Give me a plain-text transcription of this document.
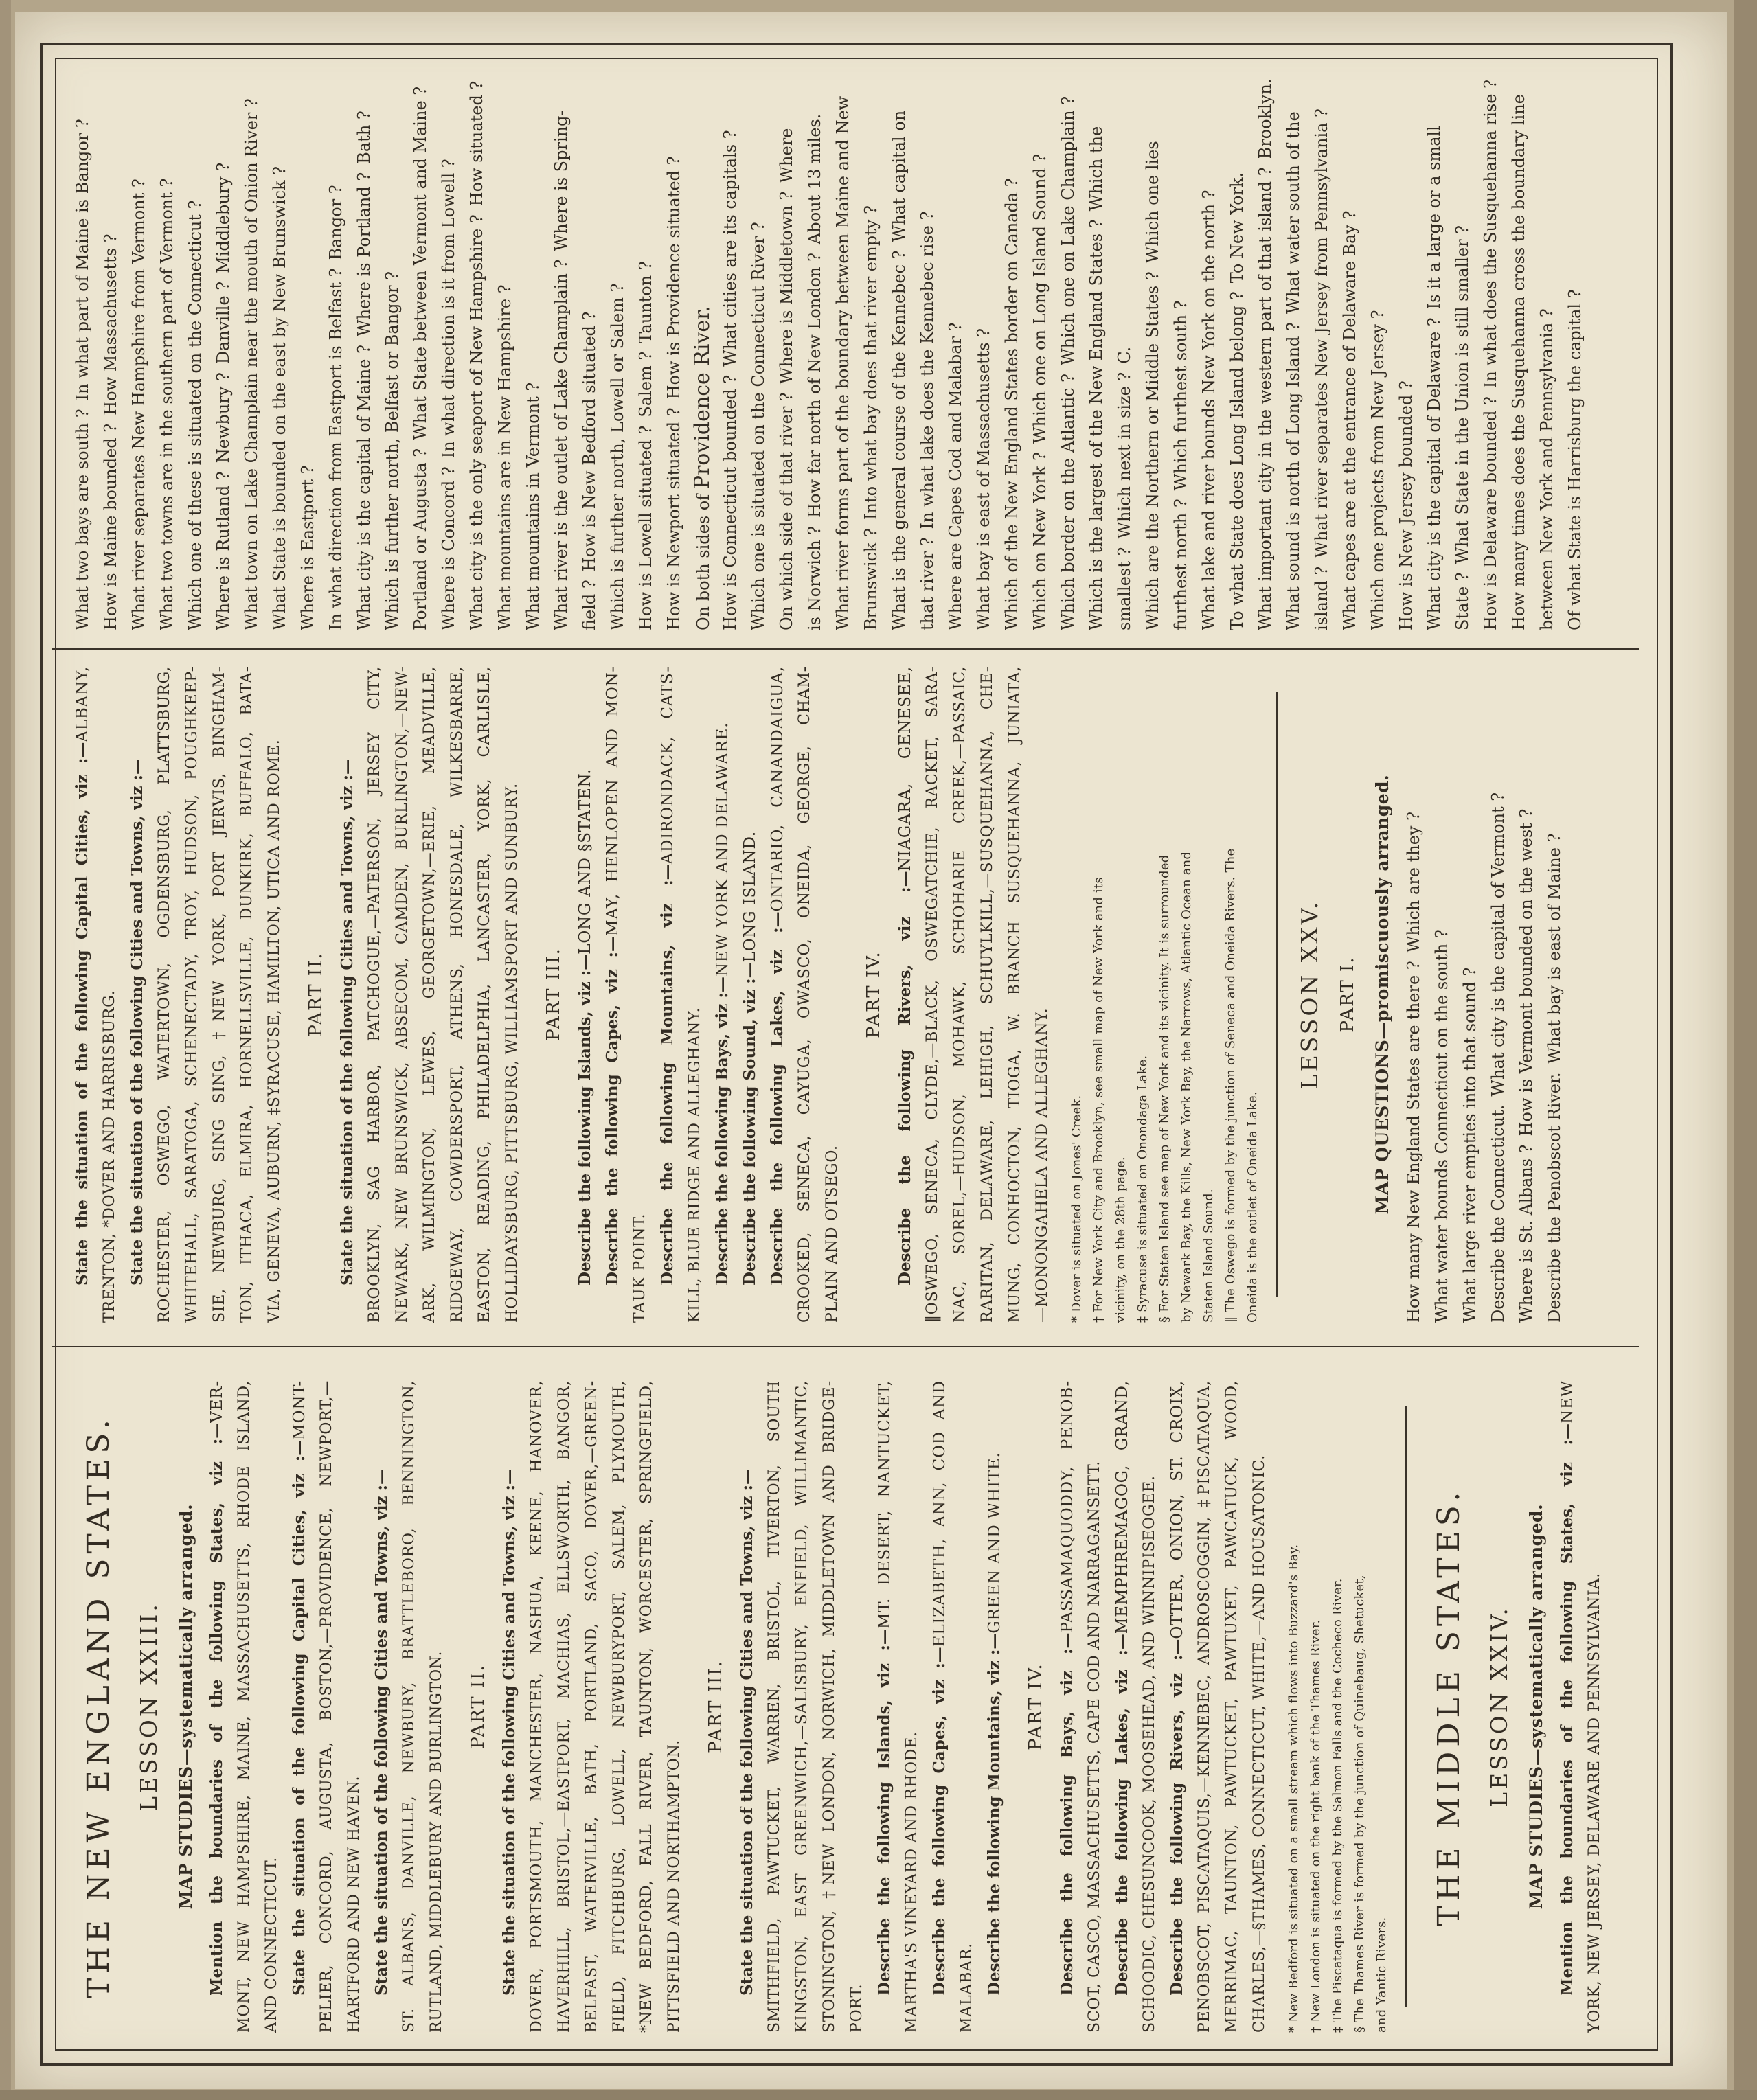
THE NEW ENGLAND STATES. LESSON XXIII. MAP STUDIES—systematically arranged. Mention the boundaries of the following States, viz :—VER- MONT, NEW HAMPSHIRE, MAINE, MASSACHUSETTS, RHODE ISLAND, AND CONNECTICUT. State the situation of the following Capital Cities, viz :—MONT- PELIER, CONCORD, AUGUSTA, BOSTON,—PROVIDENCE, NEWPORT,— HARTFORD AND NEW HAVEN. State the situation of the following Cities and Towns, viz :— ST. ALBANS, DANVILLE, NEWBURY, BRATTLEBORO, BENNINGTON, RUTLAND, MIDDLEBURY AND BURLINGTON.	PART II. State the situation of the following Cities and Towns, viz :— DOVER, PORTSMOUTH, MANCHESTER, NASHUA, KEENE, HANOVER, HAVERHILL, BRISTOL,—EASTPORT, MACHIAS, ELLSWORTH, BANGOR, BELFAST, WATERVILLE, BATH, PORTLAND, SACO, DOVER,—GREEN- FIELD, FITCHBURG, LOWELL, NEWBURYPORT, SALEM, PLYMOUTH, *NEW BEDFORD, FALL RIVER, TAUNTON, WORCESTER, SPRINGFIELD, PITTSFIELD AND NORTHAMPTON.
PART III. State the situation of the following Cities and Towns, viz :— SMITHFIELD, PAWTUCKET, WARREN, BRISTOL, TIVERTON, SOUTH KINGSTON, EAST GREENWICH,—SALISBURY, ENFIELD, WILLIMANTIC, STONINGTON, †NEW LONDON, NORWICH, MIDDLETOWN AND BRIDGE- PORT.
Describe the following Islands, viz :—MT. DESERT, NANTUCKET,
MARTHA'S VINEYARD AND RHODE. Describe the following Capes, viz :—ELIZABETH, ANN, COD AND
MALABAR. Describe the following Mountains, viz :—GREEN AND WHITE.
PART IV. Describe the following Bays, viz :—PASSAMAQUODDY, PENOB- SCOT, CASCO, MASSACHUSETTS, CAPE COD AND NARRAGANSETT. Describe the following Lakes, viz :—MEMPHREMAGOG, GRAND, SCHOODIC, CHESUNCOOK, MOOSEHEAD, AND WINNIPISEOGEE. Describe the following Rivers, viz :—OTTER, ONION, ST. CROIX, PENOBSCOT, PISCATAQUIS,—KENNEBEC, ANDROSCOGGIN, ‡PISCATAQUA, MERRIMAC, TAUNTON, PAWTUCKET, PAWTUXET, PAWCATUCK, WOOD, CHARLES,—§THAMES, CONNECTICUT, WHITE,—AND HOUSATONIC.	* New Bedford is situated on a small stream which flows into Buzzard's Bay. † New London is situated on the right bank of the Thames River. ‡ The Piscataqua is formed by the Salmon Falls and the Cocheco River. § The Thames River is formed by the junction of Quinebaug, Shetucket, and Yantic Rivers.
THE MIDDLE STATES. LESSON XXIV. MAP STUDIES—systematically arranged. Mention the boundaries of the following States, viz :—NEW
YORK, NEW JERSEY, DELAWARE AND PENNSYLVANIA.
State the situation of the following Capital Cities, viz :—ALBANY,
TRENTON, *DOVER AND HARRISBURG. State the situation of the following Cities and Towns, viz :— ROCHESTER, OSWEGO, WATERTOWN, OGDENSBURG, PLATTSBURG, WHITEHALL, SARATOGA, SCHENECTADY, TROY, HUDSON, POUGHKEEP- SIE, NEWBURG, SING SING, †NEW YORK, PORT JERVIS, BINGHAM- TON, ITHACA, ELMIRA, HORNELLSVILLE, DUNKIRK, BUFFALO, BATA- VIA, GENEVA, AUBURN, ‡SYRACUSE, HAMILTON, UTICA AND ROME.	PART II. State the situation of the following Cities and Towns, viz :— BROOKLYN, SAG HARBOR, PATCHOGUE,—PATERSON, JERSEY CITY, NEWARK, NEW BRUNSWICK, ABSECOM, CAMDEN, BURLINGTON,—NEW- ARK, WILMINGTON, LEWES, GEORGETOWN,—ERIE, MEADVILLE, RIDGEWAY, COWDERSPORT, ATHENS, HONESDALE, WILKESBARRE, EASTON, READING, PHILADELPHIA, LANCASTER, YORK, CARLISLE, HOLLIDAYSBURG, PITTSBURG, WILLIAMSPORT AND SUNBURY.	PART III. Describe the following Islands, viz :—LONG AND §STATEN.
Describe the following Capes, viz :—MAY, HENLOPEN AND MON-
TAUK POINT. Describe the following Mountains, viz :—ADIRONDACK, CATS-
KILL, BLUE RIDGE AND ALLEGHANY. Describe the following Bays, viz :—NEW YORK AND DELAWARE.
Describe the following Sound, viz :—LONG ISLAND.
Describe the following Lakes, viz :—ONTARIO, CANANDAIGUA, CROOKED, SENECA, CAYUGA, OWASCO, ONEIDA, GEORGE, CHAM- PLAIN AND OTSEGO.
PART IV. Describe the following Rivers, viz :—NIAGARA, GENESEE, ‖OSWEGO, SENECA, CLYDE,—BLACK, OSWEGATCHIE, RACKET, SARA- NAC, SOREL,—HUDSON, MOHAWK, SCHOHARIE CREEK,—PASSAIC, RARITAN, DELAWARE, LEHIGH, SCHUYLKILL,—SUSQUEHANNA, CHE- MUNG, CONHOCTON, TIOGA, W. BRANCH SUSQUEHANNA, JUNIATA, —MONONGAHELA AND ALLEGHANY.	* Dover is situated on Jones' Creek. † For New York City and Brooklyn, see small map of New York and its vicinity, on the 28th page. ‡ Syracuse is situated on Onondaga Lake. § For Staten Island see map of New York and its vicinity. It is surrounded by Newark Bay, the Kills, New York Bay, the Narrows, Atlantic Ocean and Staten Island Sound. ‖ The Oswego is formed by the junction of Seneca and Oneida Rivers. The Oneida is the outlet of Oneida Lake.
LESSON XXV. PART I. MAP QUESTIONS—promiscuously arranged. How many New England States are there ? Which are they ? What water bounds Connecticut on the south ? What large river empties into that sound ? Describe the Connecticut. What city is the capital of Vermont ? Where is St. Albans ? How is Vermont bounded on the west ? Describe the Penobscot River. What bay is east of Maine ?
What two bays are south ? In what part of Maine is Bangor ? How is Maine bounded ? How Massachusetts ? What river separates New Hampshire from Vermont ? What two towns are in the southern part of Vermont ? Which one of these is situated on the Connecticut ? Where is Rutland ? Newbury ? Danville ? Middlebury ? What town on Lake Champlain near the mouth of Onion River ? What State is bounded on the east by New Brunswick ? Where is Eastport ? In what direction from Eastport is Belfast ? Bangor ? What city is the capital of Maine ? Where is Portland ? Bath ? Which is further north, Belfast or Bangor ? Portland or Augusta ? What State between Vermont and Maine ? Where is Concord ? In what direction is it from Lowell ? What city is the only seaport of New Hampshire ? How situated ? What mountains are in New Hampshire ? What mountains in Vermont ? What river is the outlet of Lake Champlain ? Where is Spring- field ? How is New Bedford situated ? Which is further north, Lowell or Salem ? How is Lowell situated ? Salem ? Taunton ? How is Newport situated ? How is Providence situated ? On both sides of Providence River. How is Connecticut bounded ? What cities are its capitals ? Which one is situated on the Connecticut River ? On which side of that river ? Where is Middletown ? Where is Norwich ? How far north of New London ? About 13 miles. What river forms part of the boundary between Maine and New Brunswick ? Into what bay does that river empty ? What is the general course of the Kennebec ? What capital on that river ? In what lake does the Kennebec rise ? Where are Capes Cod and Malabar ? What bay is east of Massachusetts ? Which of the New England States border on Canada ? Which on New York ? Which one on Long Island Sound ? Which border on the Atlantic ? Which one on Lake Champlain ? Which is the largest of the New England States ? Which the smallest ? Which next in size ? C. Which are the Northern or Middle States ? Which one lies furthest north ? Which furthest south ? What lake and river bounds New York on the north ? To what State does Long Island belong ? To New York. What important city in the western part of that island ? Brooklyn. What sound is north of Long Island ? What water south of the island ? What river separates New Jersey from Pennsylvania ? What capes are at the entrance of Delaware Bay ? Which one projects from New Jersey ? How is New Jersey bounded ? What city is the capital of Delaware ? Is it a large or a small State ? What State in the Union is still smaller ? How is Delaware bounded ? In what does the Susquehanna rise ? How many times does the Susquehanna cross the boundary line between New York and Pennsylvania ? Of what State is Harrisburg the capital ?
